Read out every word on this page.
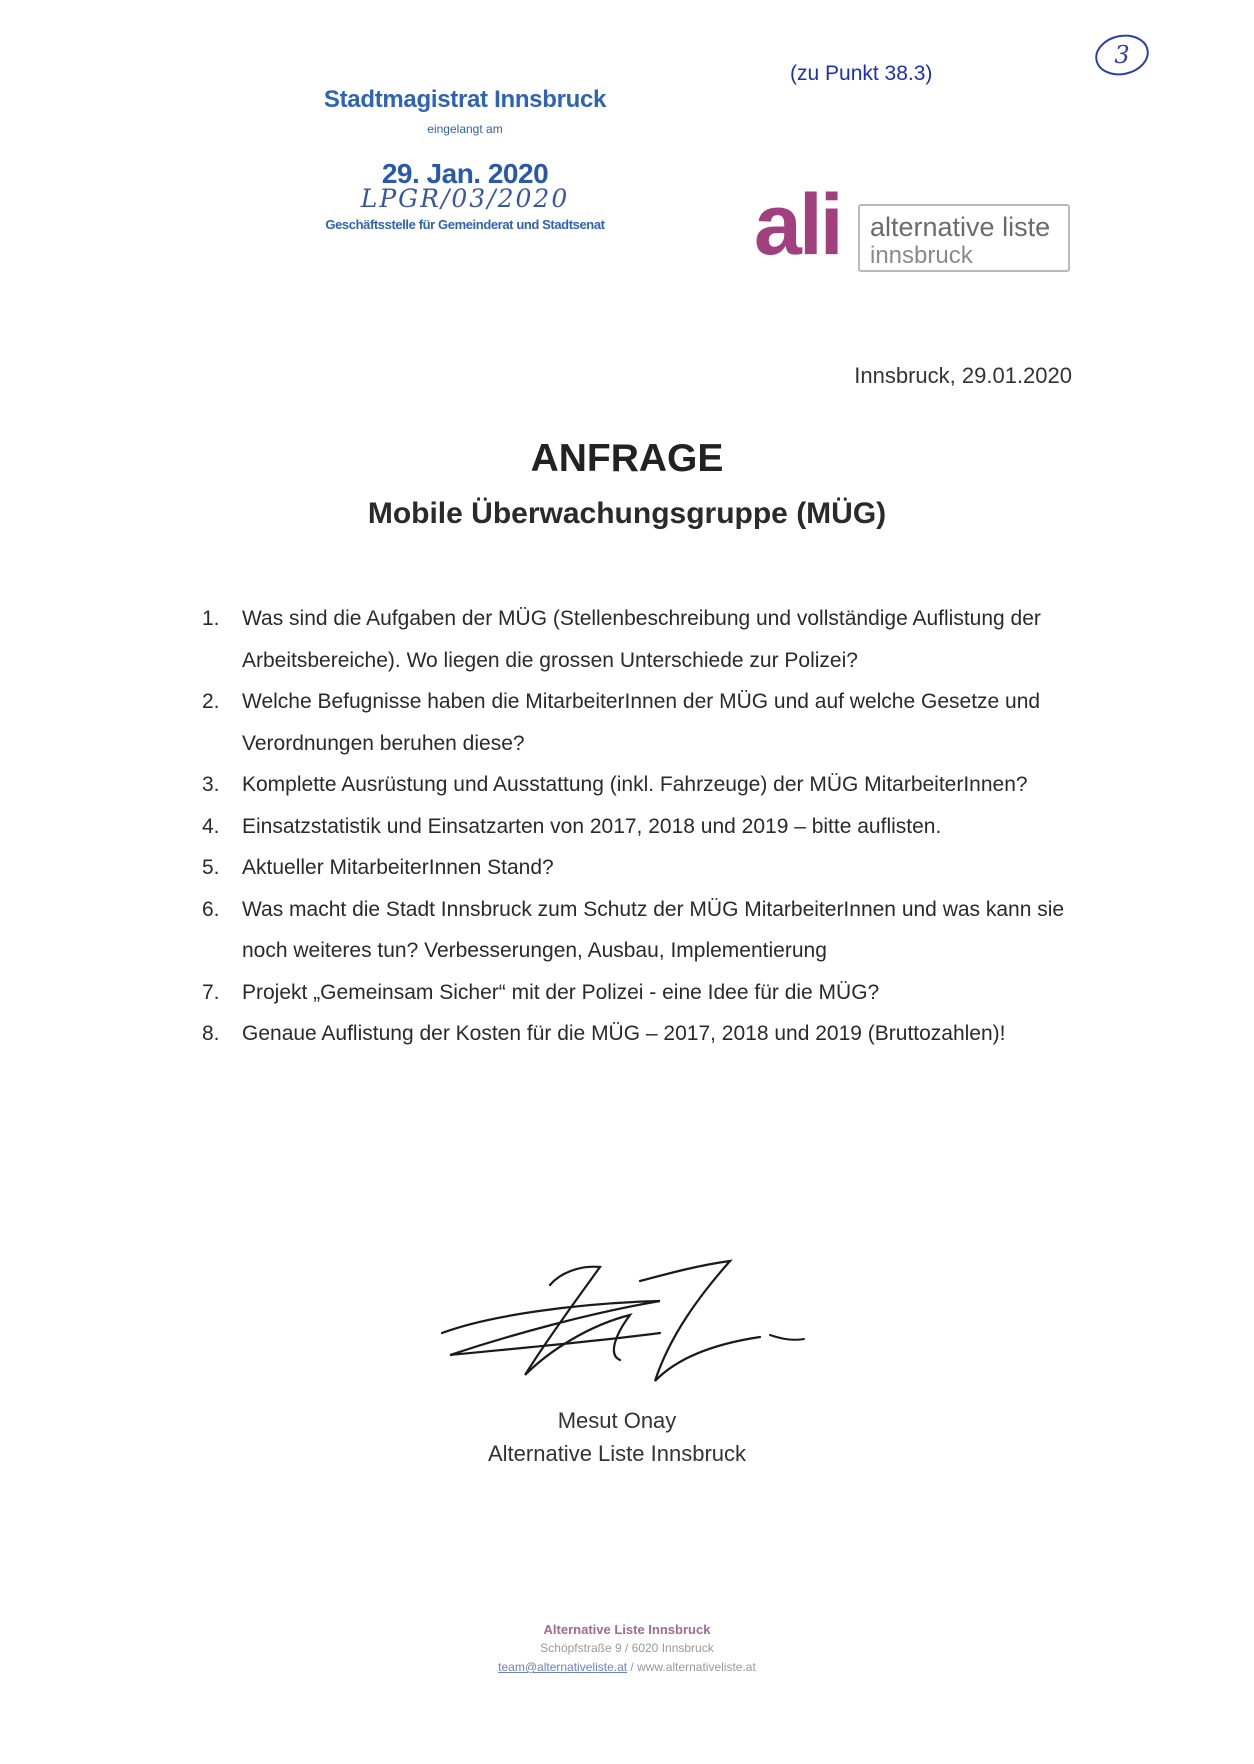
(zu Punkt 38.3)
3
Stadtmagistrat Innsbruck
eingelangt am
29. Jan. 2020
LPGR/03/2020
Geschäftsstelle für Gemeinderat und Stadtsenat	ali alternative liste
innsbruck
Innsbruck, 29.01.2020
ANFRAGE
Mobile Überwachungsgruppe (MÜG)
1. Was sind die Aufgaben der MÜG (Stellenbeschreibung und vollständige Auflistung der Arbeitsbereiche). Wo liegen die grossen Unterschiede zur Polizei?
2. Welche Befugnisse haben die MitarbeiterInnen der MÜG und auf welche Gesetze und Verordnungen beruhen diese?
3. Komplette Ausrüstung und Ausstattung (inkl. Fahrzeuge) der MÜG MitarbeiterInnen?
4. Einsatzstatistik und Einsatzarten von 2017, 2018 und 2019 – bitte auflisten.
5. Aktueller MitarbeiterInnen Stand?
6. Was macht die Stadt Innsbruck zum Schutz der MÜG MitarbeiterInnen und was kann sie noch weiteres tun? Verbesserungen, Ausbau, Implementierung
7. Projekt „Gemeinsam Sicher“ mit der Polizei - eine Idee für die MÜG?
8. Genaue Auflistung der Kosten für die MÜG – 2017, 2018 und 2019 (Bruttozahlen)!
Mesut Onay
Alternative Liste Innsbruck
Alternative Liste Innsbruck
Schöpfstraße 9 / 6020 Innsbruck
team@alternativeliste.at / www.alternativeliste.at
